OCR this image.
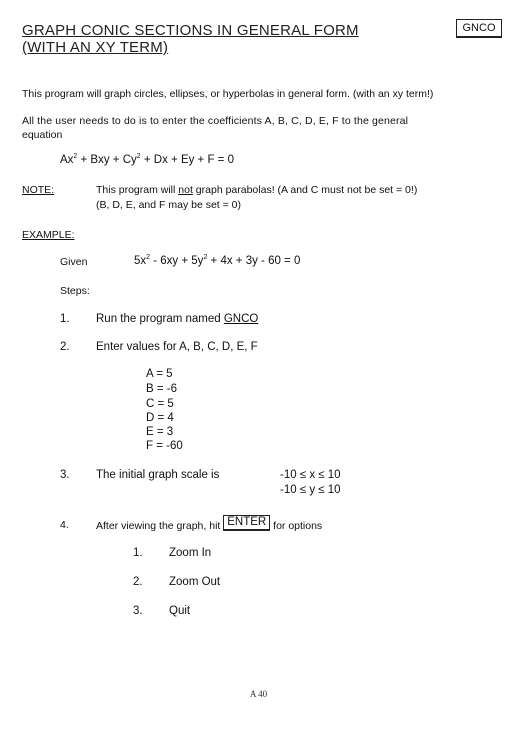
GRAPH CONIC SECTIONS IN GENERAL FORM
(WITH AN XY TERM)
GNCO
This program will graph circles, ellipses, or hyperbolas in general form. (with an xy term!)
All the user needs to do is to enter the coefficients A, B, C, D, E, F to the general
equation
$Ax^2$ + Bxy + $Cy^2 + Dx + Ey + F = 0$
NOTE:	This program will not graph parabolas! (A and C must not be set = 0!)
(B, D, E, and F may be set = 0)
EXAMPLE:
Given	$5x^2 - 6xy + 5y^2 + 4x + 3y - 60 = 0$
Steps:
1. Run the program named GNCO
2. Enter values for A, B, C, D, E, F
A = 5
B = -6
C = 5
D = 4
E = 3
F = -60
3. The initial graph scale is	-10 ≤ x ≤ 10
-10 ≤ y ≤ 10
4.	After viewing the graph, hit ENTER for options
1. Zoom In
2. Zoom Out
3. Quit
A 40
